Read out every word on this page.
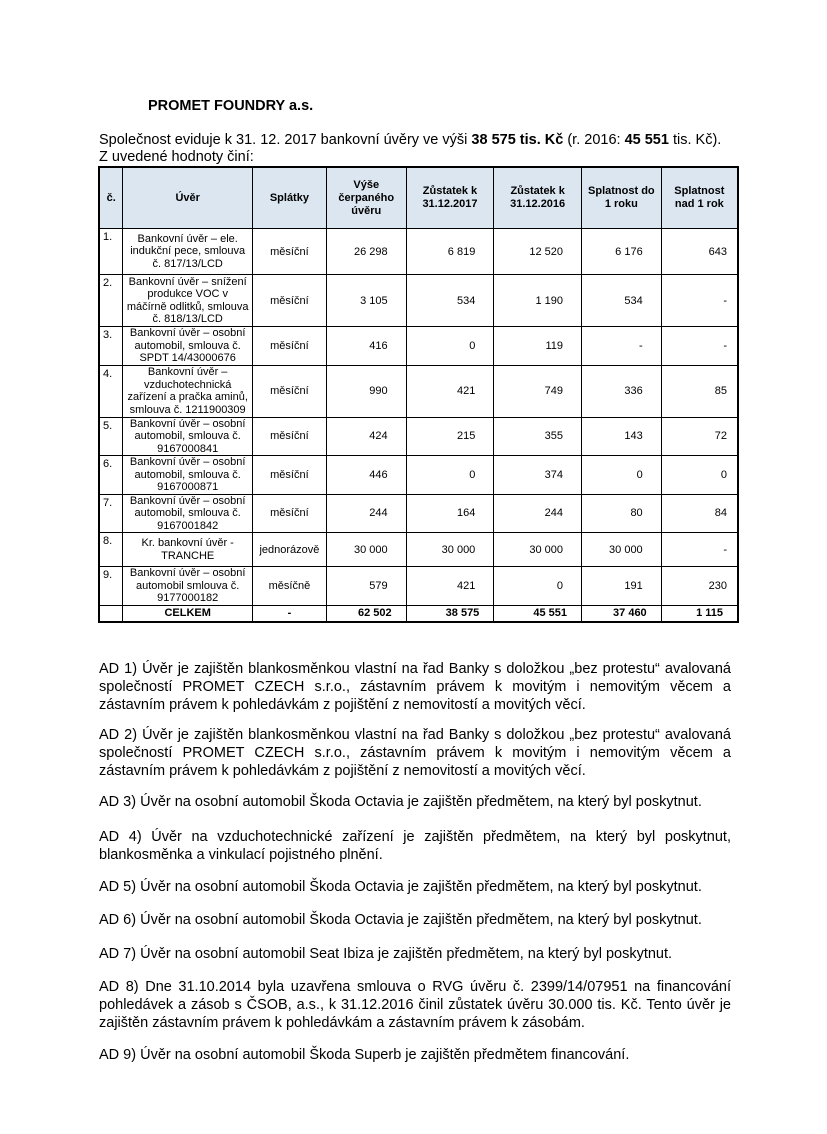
PROMET FOUNDRY a.s.
Společnost eviduje k 31. 12. 2017 bankovní úvěry ve výši 38 575 tis. Kč (r. 2016: 45 551 tis. Kč).
Z uvedené hodnoty činí:
č.	Úvěr	Splátky	Výše čerpaného úvěru	Zůstatek k 31.12.2017	Zůstatek k 31.12.2016	Splatnost do 1 roku	Splatnost nad 1 rok
1.	Bankovní úvěr – ele. indukční pece, smlouva č. 817/13/LCD	měsíční	26 298	6 819	12 520	6 176	643
2.	Bankovní úvěr – snížení produkce VOC v máčírně odlitků, smlouva č. 818/13/LCD	měsíční	3 105	534	1 190	534	-
3.	Bankovní úvěr – osobní automobil, smlouva č. SPDT 14/43000676	měsíční	416	0	119	-	-
4.	Bankovní úvěr – vzduchotechnická zařízení a pračka aminů, smlouva č. 1211900309	měsíční	990	421	749	336	85
5.	Bankovní úvěr – osobní automobil, smlouva č. 9167000841	měsíční	424	215	355	143	72
6.	Bankovní úvěr – osobní automobil, smlouva č. 9167000871	měsíční	446	0	374	0	0
7.	Bankovní úvěr – osobní automobil, smlouva č. 9167001842	měsíční	244	164	244	80	84
8.	Kr. bankovní úvěr - TRANCHE	jednorázově	30 000	30 000	30 000	30 000	-
9.	Bankovní úvěr – osobní automobil smlouva č. 9177000182	měsíčně	579	421	0	191	230
	CELKEM	-	62 502	38 575	45 551	37 460	1 115

AD 1) Úvěr je zajištěn blankosměnkou vlastní na řad Banky s doložkou „bez protestu“ avalovaná společností PROMET CZECH s.r.o., zástavním právem k movitým i nemovitým věcem a zástavním právem k pohledávkám z pojištění z nemovitostí a movitých věcí.

AD 2) Úvěr je zajištěn blankosměnkou vlastní na řad Banky s doložkou „bez protestu“ avalovaná společností PROMET CZECH s.r.o., zástavním právem k movitým i nemovitým věcem a zástavním právem k pohledávkám z pojištění z nemovitostí a movitých věcí.

AD 3) Úvěr na osobní automobil Škoda Octavia je zajištěn předmětem, na který byl poskytnut.

AD 4) Úvěr na vzduchotechnické zařízení je zajištěn předmětem, na který byl poskytnut, blankosměnka a vinkulací pojistného plnění.

AD 5) Úvěr na osobní automobil Škoda Octavia je zajištěn předmětem, na který byl poskytnut.

AD 6) Úvěr na osobní automobil Škoda Octavia je zajištěn předmětem, na který byl poskytnut.

AD 7) Úvěr na osobní automobil Seat Ibiza je zajištěn předmětem, na který byl poskytnut.

AD 8) Dne 31.10.2014 byla uzavřena smlouva o RVG úvěru č. 2399/14/07951 na financování pohledávek a zásob s ČSOB, a.s., k 31.12.2016 činil zůstatek úvěru 30.000 tis. Kč. Tento úvěr je zajištěn zástavním právem k pohledávkám a zástavním právem k zásobám.

AD 9) Úvěr na osobní automobil Škoda Superb je zajištěn předmětem financování.
